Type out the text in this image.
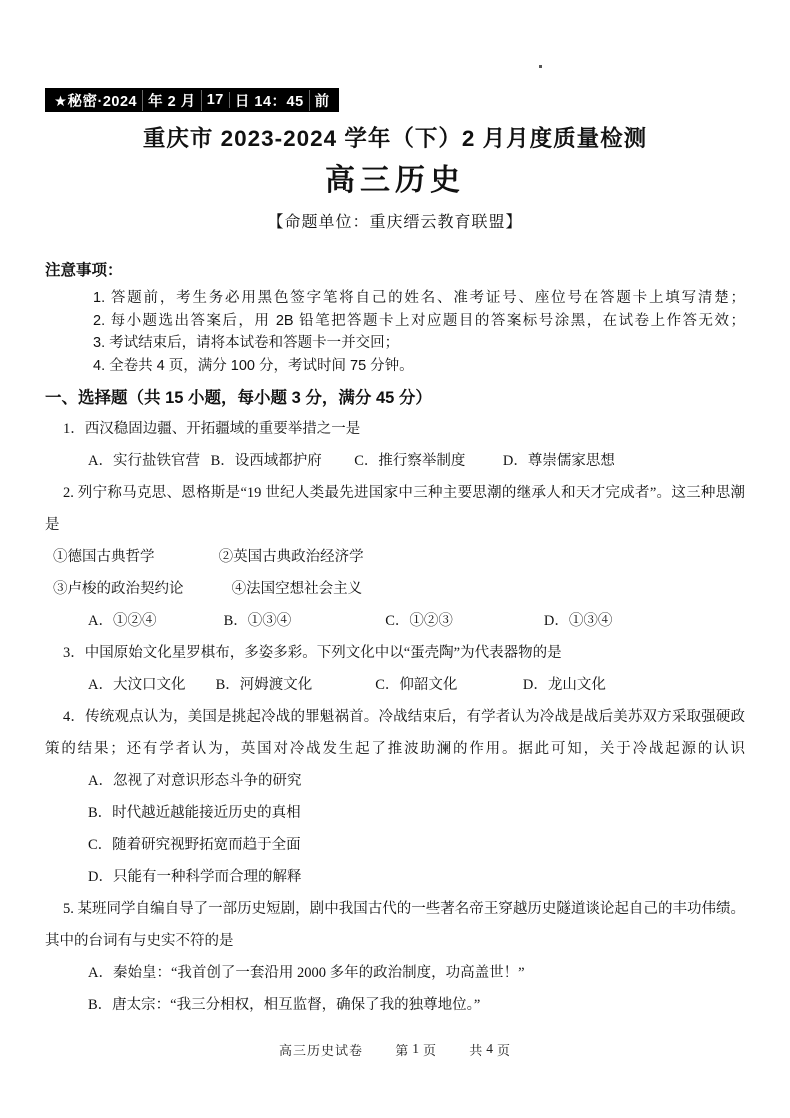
★秘密·2024 年 2 月 17 日 14：45 前
重庆市 2023-2024 学年（下）2 月月度质量检测
高三历史
【命题单位：重庆缙云教育联盟】
注意事项：
1. 答题前，考生务必用黑色签字笔将自己的姓名、准考证号、座位号在答题卡上填写清楚；
2. 每小题选出答案后，用 2B 铅笔把答题卡上对应题目的答案标号涂黑，在试卷上作答无效；
3. 考试结束后，请将本试卷和答题卡一并交回；
4. 全卷共 4 页，满分 100 分，考试时间 75 分钟。
一、选择题（共 15 小题，每小题 3 分，满分 45 分）
1．西汉稳固边疆、开拓疆域的重要举措之一是
A．实行盐铁官营 B．设西域都护府 C．推行察举制度	D．尊崇儒家思想
2. 列宁称马克思、恩格斯是“19 世纪人类最先进国家中三种主要思潮的继承人和天才完成者”。这三种思潮
是
①德国古典哲学	②英国古典政治经济学
③卢梭的政治契约论	④法国空想社会主义
A．①②④	B．①③④	C．①②③	D．①③④
3．中国原始文化星罗棋布，多姿多彩。下列文化中以“蛋壳陶”为代表器物的是
A．大汶口文化 B．河姆渡文化	C．仰韶文化	D．龙山文化
4．传统观点认为，美国是挑起冷战的罪魁祸首。冷战结束后，有学者认为冷战是战后美苏双方采取强硬政
策的结果；还有学者认为，英国对冷战发生起了推波助澜的作用。据此可知，关于冷战起源的认识
A．忽视了对意识形态斗争的研究
B．时代越近越能接近历史的真相
C．随着研究视野拓宽而趋于全面
D．只能有一种科学而合理的解释
5. 某班同学自编自导了一部历史短剧，剧中我国古代的一些著名帝王穿越历史隧道谈论起自己的丰功伟绩。
其中的台词有与史实不符的是
A．秦始皇：“我首创了一套沿用 2000 多年的政治制度，功高盖世！”
B．唐太宗：“我三分相权，相互监督，确保了我的独尊地位。”
高三历史试卷 第 1 页 共 4 页
